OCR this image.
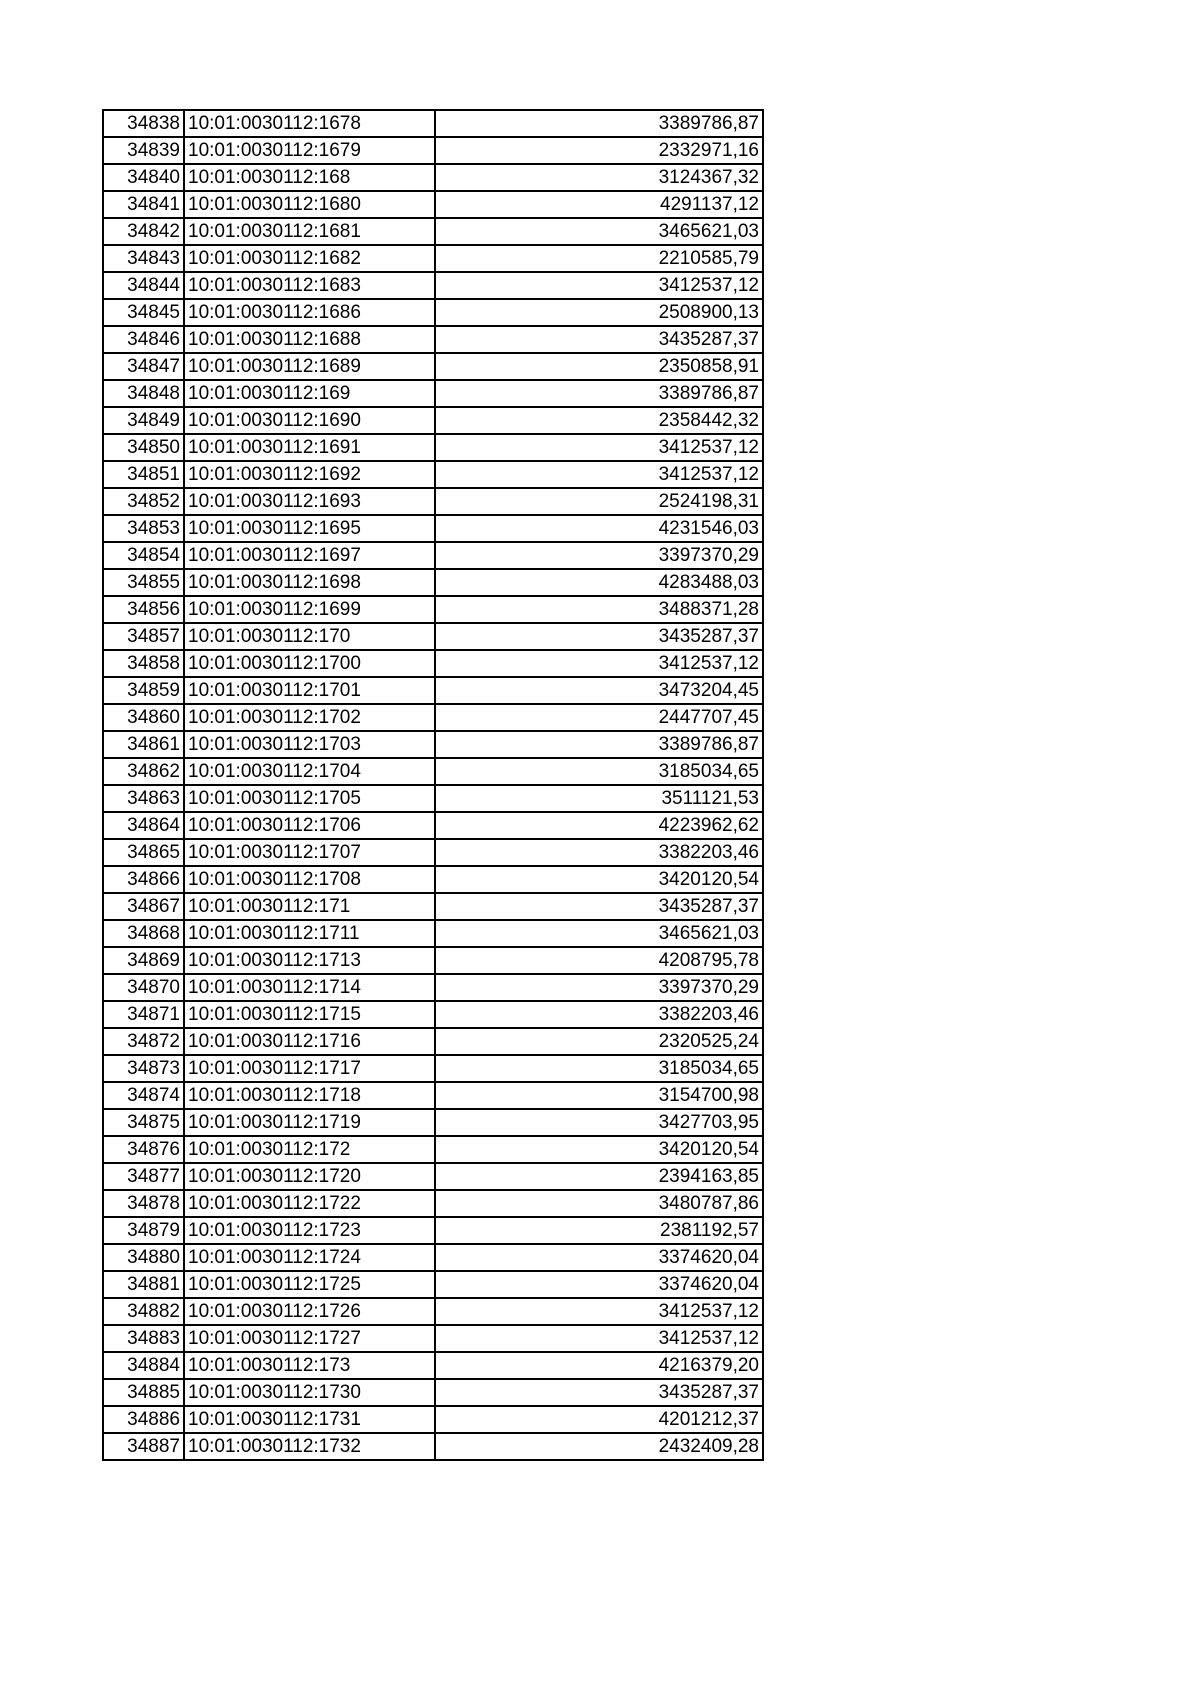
34838	10:01:0030112:1678	3389786,87
34839	10:01:0030112:1679	2332971,16
34840	10:01:0030112:168	3124367,32
34841	10:01:0030112:1680	4291137,12
34842	10:01:0030112:1681	3465621,03
34843	10:01:0030112:1682	2210585,79
34844	10:01:0030112:1683	3412537,12
34845	10:01:0030112:1686	2508900,13
34846	10:01:0030112:1688	3435287,37
34847	10:01:0030112:1689	2350858,91
34848	10:01:0030112:169	3389786,87
34849	10:01:0030112:1690	2358442,32
34850	10:01:0030112:1691	3412537,12
34851	10:01:0030112:1692	3412537,12
34852	10:01:0030112:1693	2524198,31
34853	10:01:0030112:1695	4231546,03
34854	10:01:0030112:1697	3397370,29
34855	10:01:0030112:1698	4283488,03
34856	10:01:0030112:1699	3488371,28
34857	10:01:0030112:170	3435287,37
34858	10:01:0030112:1700	3412537,12
34859	10:01:0030112:1701	3473204,45
34860	10:01:0030112:1702	2447707,45
34861	10:01:0030112:1703	3389786,87
34862	10:01:0030112:1704	3185034,65
34863	10:01:0030112:1705	3511121,53
34864	10:01:0030112:1706	4223962,62
34865	10:01:0030112:1707	3382203,46
34866	10:01:0030112:1708	3420120,54
34867	10:01:0030112:171	3435287,37
34868	10:01:0030112:1711	3465621,03
34869	10:01:0030112:1713	4208795,78
34870	10:01:0030112:1714	3397370,29
34871	10:01:0030112:1715	3382203,46
34872	10:01:0030112:1716	2320525,24
34873	10:01:0030112:1717	3185034,65
34874	10:01:0030112:1718	3154700,98
34875	10:01:0030112:1719	3427703,95
34876	10:01:0030112:172	3420120,54
34877	10:01:0030112:1720	2394163,85
34878	10:01:0030112:1722	3480787,86
34879	10:01:0030112:1723	2381192,57
34880	10:01:0030112:1724	3374620,04
34881	10:01:0030112:1725	3374620,04
34882	10:01:0030112:1726	3412537,12
34883	10:01:0030112:1727	3412537,12
34884	10:01:0030112:173	4216379,20
34885	10:01:0030112:1730	3435287,37
34886	10:01:0030112:1731	4201212,37
34887	10:01:0030112:1732	2432409,28
